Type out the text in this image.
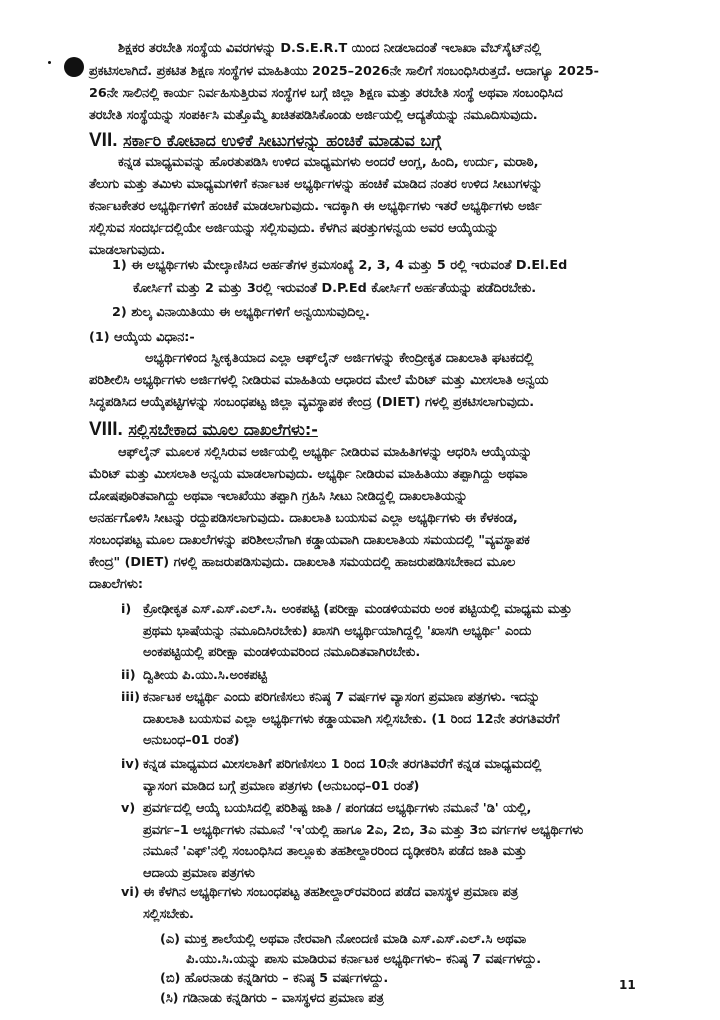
ಶಿಕ್ಷಕರ ತರಬೇತಿ ಸಂಸ್ಥೆಯ ವಿವರಗಳನ್ನು D.S.E.R.T ಯಿಂದ ನೀಡಲಾದಂತೆ ಇಲಾಖಾ ವೆಬ್‌ಸೈಟ್‌ನಲ್ಲಿ
ಪ್ರಕಟಿಸಲಾಗಿದೆ. ಪ್ರಕಟಿತ ಶಿಕ್ಷಣ ಸಂಸ್ಥೆಗಳ ಮಾಹಿತಿಯು 2025–2026ನೇ ಸಾಲಿಗೆ ಸಂಬಂಧಿಸಿರುತ್ತದೆ. ಆದಾಗ್ಯೂ 2025-
26ನೇ ಸಾಲಿನಲ್ಲಿ ಕಾರ್ಯ ನಿರ್ವಹಿಸುತ್ತಿರುವ ಸಂಸ್ಥೆಗಳ ಬಗ್ಗೆ ಜಿಲ್ಲಾ ಶಿಕ್ಷಣ ಮತ್ತು ತರಬೇತಿ ಸಂಸ್ಥೆ ಅಥವಾ ಸಂಬಂಧಿಸಿದ
ತರಬೇತಿ ಸಂಸ್ಥೆಯನ್ನು ಸಂಪರ್ಕಿಸಿ ಮತ್ತೊಮ್ಮೆ ಖಚಿತಪಡಿಸಿಕೊಂಡು ಅರ್ಜಿಯಲ್ಲಿ ಆದ್ಯತೆಯನ್ನು ನಮೂದಿಸುವುದು.
VII. ಸರ್ಕಾರಿ ಕೋಟಾದ ಉಳಿಕೆ ಸೀಟುಗಳನ್ನು ಹಂಚಿಕೆ ಮಾಡುವ ಬಗ್ಗೆ
ಕನ್ನಡ ಮಾಧ್ಯಮವನ್ನು ಹೊರತುಪಡಿಸಿ ಉಳಿದ ಮಾಧ್ಯಮಗಳು ಅಂದರೆ ಆಂಗ್ಲ, ಹಿಂದಿ, ಉರ್ದು, ಮರಾಠಿ,
ತೆಲುಗು ಮತ್ತು ತಮಿಳು ಮಾಧ್ಯಮಗಳಿಗೆ ಕರ್ನಾಟಕ ಅಭ್ಯರ್ಥಿಗಳನ್ನು ಹಂಚಿಕೆ ಮಾಡಿದ ನಂತರ ಉಳಿದ ಸೀಟುಗಳನ್ನು
ಕರ್ನಾಟಕೇತರ ಅಭ್ಯರ್ಥಿಗಳಿಗೆ ಹಂಚಿಕೆ ಮಾಡಲಾಗುವುದು. ಇದಕ್ಕಾಗಿ ಈ ಅಭ್ಯರ್ಥಿಗಳು ಇತರೆ ಅಭ್ಯರ್ಥಿಗಳು ಅರ್ಜಿ
ಸಲ್ಲಿಸುವ ಸಂದರ್ಭದಲ್ಲಿಯೇ ಅರ್ಜಿಯನ್ನು ಸಲ್ಲಿಸುವುದು. ಕೆಳಗಿನ ಷರತ್ತುಗಳನ್ವಯ ಅವರ ಆಯ್ಕೆಯನ್ನು
ಮಾಡಲಾಗುವುದು.
1) ಈ ಅಭ್ಯರ್ಥಿಗಳು ಮೇಲ್ಕಾಣಿಸಿದ ಅರ್ಹತೆಗಳ ಕ್ರಮಸಂಖ್ಯೆ 2, 3, 4 ಮತ್ತು 5 ರಲ್ಲಿ ಇರುವಂತೆ D.El.Ed
ಕೋರ್ಸಿಗೆ ಮತ್ತು 2 ಮತ್ತು 3ರಲ್ಲಿ ಇರುವಂತೆ D.P.Ed ಕೋರ್ಸಿಗೆ ಅರ್ಹತೆಯನ್ನು ಪಡೆದಿರಬೇಕು.
2) ಶುಲ್ಕ ವಿನಾಯಿತಿಯು ಈ ಅಭ್ಯರ್ಥಿಗಳಿಗೆ ಅನ್ವಯಿಸುವುದಿಲ್ಲ.
(1) ಆಯ್ಕೆಯ ವಿಧಾನ:-
ಅಭ್ಯರ್ಥಿಗಳಿಂದ ಸ್ವೀಕೃತಿಯಾದ ಎಲ್ಲಾ ಆಫ್‌ಲೈನ್ ಅರ್ಜಿಗಳನ್ನು ಕೇಂದ್ರೀಕೃತ ದಾಖಲಾತಿ ಘಟಕದಲ್ಲಿ
ಪರಿಶೀಲಿಸಿ ಅಭ್ಯರ್ಥಿಗಳು ಅರ್ಜಿಗಳಲ್ಲಿ ನೀಡಿರುವ ಮಾಹಿತಿಯ ಆಧಾರದ ಮೇಲೆ ಮೆರಿಟ್ ಮತ್ತು ಮೀಸಲಾತಿ ಅನ್ವಯ
ಸಿದ್ಧಪಡಿಸಿದ ಆಯ್ಕೆಪಟ್ಟಿಗಳನ್ನು ಸಂಬಂಧಪಟ್ಟ ಜಿಲ್ಲಾ ವ್ಯವಸ್ಥಾಪಕ ಕೇಂದ್ರ (DIET) ಗಳಲ್ಲಿ ಪ್ರಕಟಿಸಲಾಗುವುದು.
VIII. ಸಲ್ಲಿಸಬೇಕಾದ ಮೂಲ ದಾಖಲೆಗಳು:-
ಆಫ್‌ಲೈನ್ ಮೂಲಕ ಸಲ್ಲಿಸಿರುವ ಅರ್ಜಿಯಲ್ಲಿ ಅಭ್ಯರ್ಥಿ ನೀಡಿರುವ ಮಾಹಿತಿಗಳನ್ನು ಆಧರಿಸಿ ಆಯ್ಕೆಯನ್ನು
ಮೆರಿಟ್ ಮತ್ತು ಮೀಸಲಾತಿ ಅನ್ವಯ ಮಾಡಲಾಗುವುದು. ಅಭ್ಯರ್ಥಿ ನೀಡಿರುವ ಮಾಹಿತಿಯು ತಪ್ಪಾಗಿದ್ದು ಅಥವಾ
ದೋಷಪೂರಿತವಾಗಿದ್ದು ಅಥವಾ ಇಲಾಖೆಯು ತಪ್ಪಾಗಿ ಗ್ರಹಿಸಿ ಸೀಟು ನೀಡಿದ್ದಲ್ಲಿ ದಾಖಲಾತಿಯನ್ನು
ಅನರ್ಹಗೊಳಿಸಿ ಸೀಟನ್ನು ರದ್ದುಪಡಿಸಲಾಗುವುದು. ದಾಖಲಾತಿ ಬಯಸುವ ಎಲ್ಲಾ ಅಭ್ಯರ್ಥಿಗಳು ಈ ಕೆಳಕಂಡ,
ಸಂಬಂಧಪಟ್ಟ ಮೂಲ ದಾಖಲೆಗಳನ್ನು ಪರಿಶೀಲನೆಗಾಗಿ ಕಡ್ಡಾಯವಾಗಿ ದಾಖಲಾತಿಯ ಸಮಯದಲ್ಲಿ "ವ್ಯವಸ್ಥಾಪಕ
ಕೇಂದ್ರ" (DIET) ಗಳಲ್ಲಿ ಹಾಜರುಪಡಿಸುವುದು. ದಾಖಲಾತಿ ಸಮಯದಲ್ಲಿ ಹಾಜರುಪಡಿಸಬೇಕಾದ ಮೂಲ
ದಾಖಲೆಗಳು:
i) ಕ್ರೋಢೀಕೃತ ಎಸ್.ಎಸ್.ಎಲ್.ಸಿ. ಅಂಕಪಟ್ಟಿ (ಪರೀಕ್ಷಾ ಮಂಡಳಿಯವರು ಅಂಕ ಪಟ್ಟಿಯಲ್ಲಿ ಮಾಧ್ಯಮ ಮತ್ತು
ಪ್ರಥಮ ಭಾಷೆಯನ್ನು ನಮೂದಿಸಿರಬೇಕು) ಖಾಸಗಿ ಅಭ್ಯರ್ಥಿಯಾಗಿದ್ದಲ್ಲಿ 'ಖಾಸಗಿ ಅಭ್ಯರ್ಥಿ' ಎಂದು
ಅಂಕಪಟ್ಟಿಯಲ್ಲಿ ಪರೀಕ್ಷಾ ಮಂಡಳಿಯವರಿಂದ ನಮೂದಿತವಾಗಿರಬೇಕು.
ii) ದ್ವಿತೀಯ ಪಿ.ಯು.ಸಿ.ಅಂಕಪಟ್ಟಿ
iii) ಕರ್ನಾಟಕ ಅಭ್ಯರ್ಥಿ ಎಂದು ಪರಿಗಣಿಸಲು ಕನಿಷ್ಠ 7 ವರ್ಷಗಳ ವ್ಯಾಸಂಗ ಪ್ರಮಾಣ ಪತ್ರಗಳು. ಇದನ್ನು
ದಾಖಲಾತಿ ಬಯಸುವ ಎಲ್ಲಾ ಅಭ್ಯರ್ಥಿಗಳು ಕಡ್ಡಾಯವಾಗಿ ಸಲ್ಲಿಸಬೇಕು. (1 ರಿಂದ 12ನೇ ತರಗತಿವರೆಗೆ
ಅನುಬಂಧ–01 ರಂತೆ)
iv) ಕನ್ನಡ ಮಾಧ್ಯಮದ ಮೀಸಲಾತಿಗೆ ಪರಿಗಣಿಸಲು 1 ರಿಂದ 10ನೇ ತರಗತಿವರೆಗೆ ಕನ್ನಡ ಮಾಧ್ಯಮದಲ್ಲಿ
ವ್ಯಾಸಂಗ ಮಾಡಿದ ಬಗ್ಗೆ ಪ್ರಮಾಣ ಪತ್ರಗಳು (ಅನುಬಂಧ–01 ರಂತೆ)
v) ಪ್ರವರ್ಗದಲ್ಲಿ ಆಯ್ಕೆ ಬಯಸಿದಲ್ಲಿ ಪರಿಶಿಷ್ಟ ಜಾತಿ / ಪಂಗಡದ ಅಭ್ಯರ್ಥಿಗಳು ನಮೂನೆ 'ಡಿ' ಯಲ್ಲಿ,
ಪ್ರವರ್ಗ–1 ಅಭ್ಯರ್ಥಿಗಳು ನಮೂನೆ 'ಇ'ಯಲ್ಲಿ ಹಾಗೂ 2ಎ, 2ಬಿ, 3ಎ ಮತ್ತು 3ಬಿ ವರ್ಗಗಳ ಅಭ್ಯರ್ಥಿಗಳು
ನಮೂನೆ 'ಎಫ್'ನಲ್ಲಿ ಸಂಬಂಧಿಸಿದ ತಾಲ್ಲೂಕು ತಹಶೀಲ್ದಾರರಿಂದ ದೃಢೀಕರಿಸಿ ಪಡೆದ ಜಾತಿ ಮತ್ತು
ಆದಾಯ ಪ್ರಮಾಣ ಪತ್ರಗಳು
vi) ಈ ಕೆಳಗಿನ ಅಭ್ಯರ್ಥಿಗಳು ಸಂಬಂಧಪಟ್ಟ ತಹಶೀಲ್ದಾರ್‌ರವರಿಂದ ಪಡೆದ ವಾಸಸ್ಥಳ ಪ್ರಮಾಣ ಪತ್ರ
ಸಲ್ಲಿಸಬೇಕು.
(ಎ) ಮುಕ್ತ ಶಾಲೆಯಲ್ಲಿ ಅಥವಾ ನೇರವಾಗಿ ನೋಂದಣಿ ಮಾಡಿ ಎಸ್.ಎಸ್.ಎಲ್.ಸಿ ಅಥವಾ
ಪಿ.ಯು.ಸಿ.ಯನ್ನು ಪಾಸು ಮಾಡಿರುವ ಕರ್ನಾಟಕ ಅಭ್ಯರ್ಥಿಗಳು– ಕನಿಷ್ಠ 7 ವರ್ಷಗಳದ್ದು.
(ಬಿ) ಹೊರನಾಡು ಕನ್ನಡಿಗರು – ಕನಿಷ್ಠ 5 ವರ್ಷಗಳದ್ದು.	11
(ಸಿ) ಗಡಿನಾಡು ಕನ್ನಡಿಗರು – ವಾಸಸ್ಥಳದ ಪ್ರಮಾಣ ಪತ್ರ
